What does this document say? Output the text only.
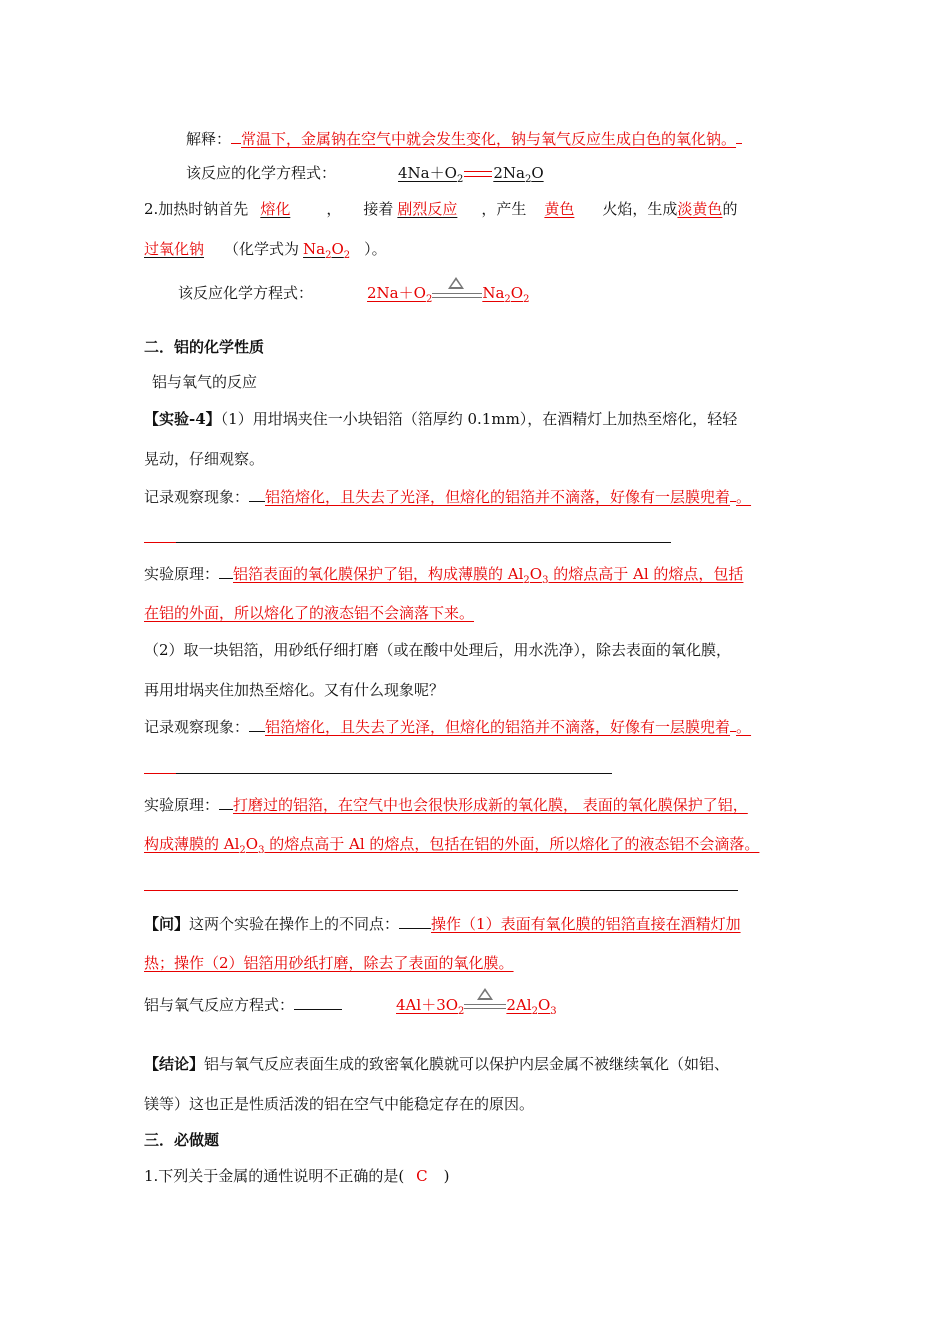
解释： 常温下，金属钠在空气中就会发生变化，钠与氧气反应生成白色的氧化钠。
该反应的化学方程式：	$4Na+O_2$ $2Na_2O$
2.加热时钠首先 熔化 ， 接着 剧烈反应 ，产生 黄色 火焰，生成淡黄色的
过氧化钠 （化学式为 $Na_2O_2$ ）。
该反应化学方程式：	$2Na+O_2$	$Na_2O_2$
二．铝的化学性质
铝与氧气的反应
【实验-4】（1）用坩埚夹住一小块铝箔（箔厚约 0.1mm），在酒精灯上加热至熔化，轻轻
晃动，仔细观察。
记录观察现象： 铝箔熔化，且失去了光泽，但熔化的铝箔并不滴落，好像有一层膜兜着 。
实验原理： 铝箔表面的氧化膜保护了铝，构成薄膜的 $Al_2O_3$ 的熔点高于 Al 的熔点，包括
在铝的外面，所以熔化了的液态铝不会滴落下来。
（2）取一块铝箔，用砂纸仔细打磨（或在酸中处理后，用水洗净），除去表面的氧化膜，
再用坩埚夹住加热至熔化。又有什么现象呢？
记录观察现象： 铝箔熔化，且失去了光泽，但熔化的铝箔并不滴落，好像有一层膜兜着 。
实验原理： 打磨过的铝箔，在空气中也会很快形成新的氧化膜， 表面的氧化膜保护了铝，
构成薄膜的 $Al_2O_3$ 的熔点高于 Al 的熔点，包括在铝的外面，所以熔化了的液态铝不会滴落。
【问】这两个实验在操作上的不同点： 操作（1）表面有氧化膜的铝箔直接在酒精灯加
热；操作（2）铝箔用砂纸打磨，除去了表面的氧化膜。
铝与氧气反应方程式：	$4Al+3O_2$	$2Al_2O_3$
【结论】铝与氧气反应表面生成的致密氧化膜就可以保护内层金属不被继续氧化（如铝、
镁等）这也正是性质活泼的铝在空气中能稳定存在的原因。
三．必做题
1.下列关于金属的通性说明不正确的是( C )
